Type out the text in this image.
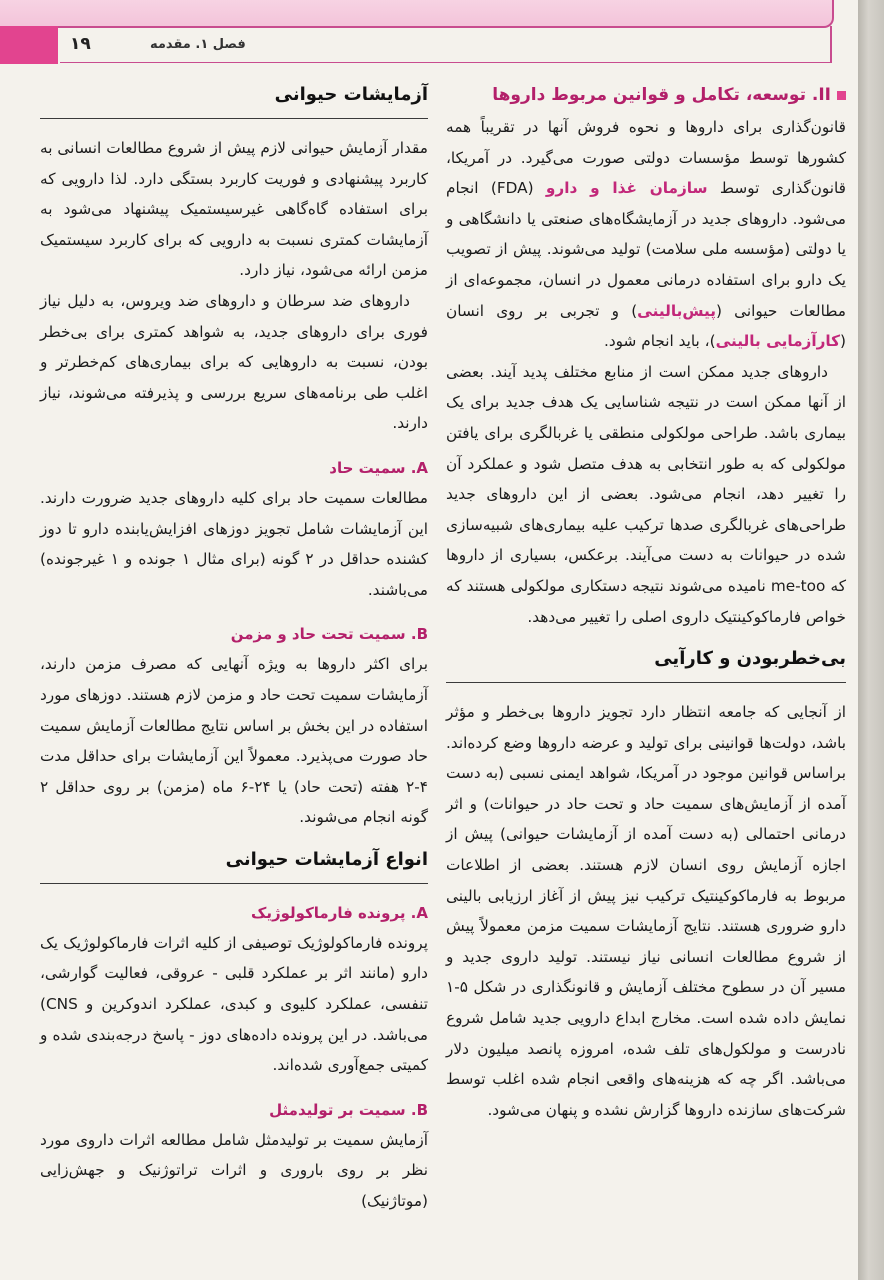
۱۹	فصل ۱. مقدمه
II. توسعه، تکامل و قوانین مربوط داروها

قانون‌گذاری برای داروها و نحوه فروش آنها در تقریباً همه کشورها توسط مؤسسات دولتی صورت می‌گیرد. در آمریکا، قانون‌گذاری توسط سازمان غذا و دارو (FDA) انجام می‌شود. داروهای جدید در آزمایشگاه‌های صنعتی یا دانشگاهی و یا دولتی (مؤسسه ملی سلامت) تولید می‌شوند. پیش از تصویب یک دارو برای استفاده درمانی معمول در انسان، مجموعه‌ای از مطالعات حیوانی (پیش‌بالینی) و تجربی بر روی انسان (کارآزمایی بالینی)، باید انجام شود.

داروهای جدید ممکن است از منابع مختلف پدید آیند. بعضی از آنها ممکن است در نتیجه شناسایی یک هدف جدید برای یک بیماری باشد. طراحی مولکولی منطقی یا غربالگری برای یافتن مولکولی که به طور انتخابی به هدف متصل شود و عملکرد آن را تغییر دهد، انجام می‌شود. بعضی از این داروهای جدید طراحی‌های غربالگری صدها ترکیب علیه بیماری‌های شبیه‌سازی شده در حیوانات به دست می‌آیند. برعکس، بسیاری از داروها که me-too نامیده می‌شوند نتیجه دستکاری مولکولی هستند که خواص فارماکوکینتیک داروی اصلی را تغییر می‌دهد.

بی‌خطربودن و کارآیی

از آنجایی که جامعه انتظار دارد تجویز داروها بی‌خطر و مؤثر باشد، دولت‌ها قوانینی برای تولید و عرضه داروها وضع کرده‌اند. براساس قوانین موجود در آمریکا، شواهد ایمنی نسبی (به دست آمده از آزمایش‌های سمیت حاد و تحت حاد در حیوانات) و اثر درمانی احتمالی (به دست آمده از آزمایشات حیوانی) پیش از اجازه آزمایش روی انسان لازم هستند. بعضی از اطلاعات مربوط به فارماکوکینتیک ترکیب نیز پیش از آغاز ارزیابی بالینی دارو ضروری هستند. نتایج آزمایشات سمیت مزمن معمولاً پیش از شروع مطالعات انسانی نیاز نیستند. تولید داروی جدید و مسیر آن در سطوح مختلف آزمایش و قانونگذاری در شکل ۵-۱ نمایش داده شده است. مخارج ابداع دارویی جدید شامل شروع نادرست و مولکول‌های تلف شده، امروزه پانصد میلیون دلار می‌باشد. اگر چه که هزینه‌های واقعی انجام شده اغلب توسط شرکت‌های سازنده داروها گزارش نشده و پنهان می‌شود.

آزمایشات حیوانی

مقدار آزمایش حیوانی لازم پیش از شروع مطالعات انسانی به کاربرد پیشنهادی و فوریت کاربرد بستگی دارد. لذا دارویی که برای استفاده گاه‌گاهی غیرسیستمیک پیشنهاد می‌شود به آزمایشات کمتری نسبت به دارویی که برای کاربرد سیستمیک مزمن ارائه می‌شود، نیاز دارد.

داروهای ضد سرطان و داروهای ضد ویروس، به دلیل نیاز فوری برای داروهای جدید، به شواهد کمتری برای بی‌خطر بودن، نسبت به داروهایی که برای بیماری‌های کم‌خطرتر و اغلب طی برنامه‌های سریع بررسی و پذیرفته می‌شوند، نیاز دارند.

A. سمیت حاد

مطالعات سمیت حاد برای کلیه داروهای جدید ضرورت دارند. این آزمایشات شامل تجویز دوزهای افزایش‌یابنده دارو تا دوز کشنده حداقل در ۲ گونه (برای مثال ۱ جونده و ۱ غیرجونده) می‌باشند.

B. سمیت تحت حاد و مزمن

برای اکثر داروها به ویژه آنهایی که مصرف مزمن دارند، آزمایشات سمیت تحت حاد و مزمن لازم هستند. دوزهای مورد استفاده در این بخش بر اساس نتایج مطالعات آزمایش سمیت حاد صورت می‌پذیرد. معمولاً این آزمایشات برای حداقل مدت ۴-۲ هفته (تحت حاد) یا ۲۴-۶ ماه (مزمن) بر روی حداقل ۲ گونه انجام می‌شوند.

انواع آزمایشات حیوانی
A. پرونده فارماکولوژیک

پرونده فارماکولوژیک توصیفی از کلیه اثرات فارماکولوژیک یک دارو (مانند اثر بر عملکرد قلبی - عروقی، فعالیت گوارشی، تنفسی، عملکرد کلیوی و کبدی، عملکرد اندوکرین و CNS) می‌باشد. در این پرونده داده‌های دوز - پاسخ درجه‌بندی شده و کمیتی جمع‌آوری شده‌اند.

B. سمیت بر تولیدمثل

آزمایش سمیت بر تولیدمثل شامل مطالعه اثرات داروی مورد نظر بر روی باروری و اثرات تراتوژنیک و جهش‌زایی (موتاژنیک)
